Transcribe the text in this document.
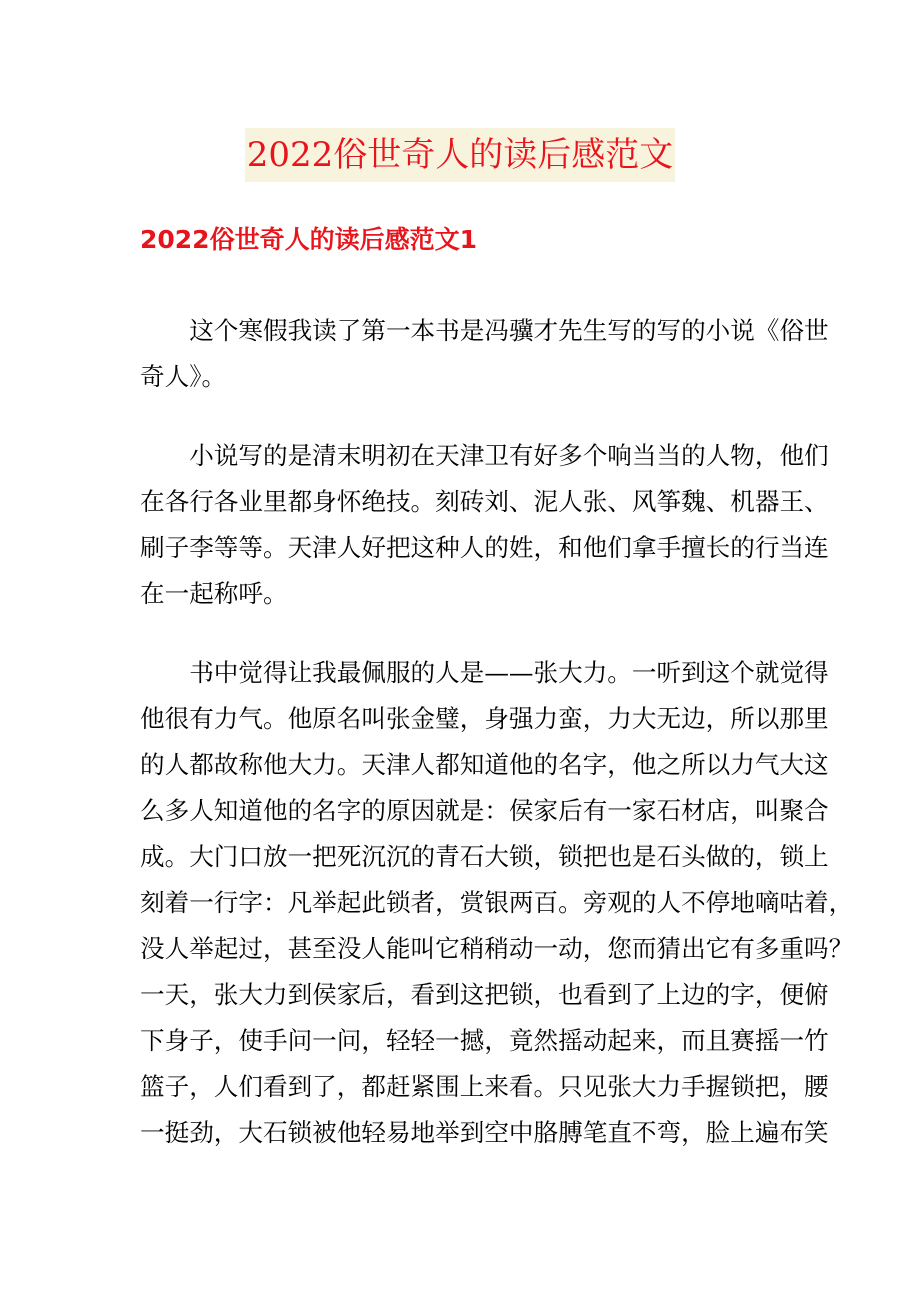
2022俗世奇人的读后感范文
2022俗世奇人的读后感范文1

这个寒假我读了第一本书是冯骥才先生写的写的小说《俗世
奇人》。

小说写的是清末明初在天津卫有好多个响当当的人物，他们
在各行各业里都身怀绝技。刻砖刘、泥人张、风筝魏、机器王、
刷子李等等。天津人好把这种人的姓，和他们拿手擅长的行当连
在一起称呼。

书中觉得让我最佩服的人是——张大力。一听到这个就觉得
他很有力气。他原名叫张金璧，身强力蛮，力大无边，所以那里
的人都故称他大力。天津人都知道他的名字，他之所以力气大这
么多人知道他的名字的原因就是：侯家后有一家石材店，叫聚合
成。大门口放一把死沉沉的青石大锁，锁把也是石头做的，锁上
刻着一行字：凡举起此锁者，赏银两百。旁观的人不停地嘀咕着，
没人举起过，甚至没人能叫它稍稍动一动，您而猜出它有多重吗？
一天，张大力到侯家后，看到这把锁，也看到了上边的字，便俯
下身子，使手问一问，轻轻一撼，竟然摇动起来，而且赛摇一竹
篮子，人们看到了，都赶紧围上来看。只见张大力手握锁把，腰
一挺劲，大石锁被他轻易地举到空中胳膊笔直不弯，脸上遍布笑
